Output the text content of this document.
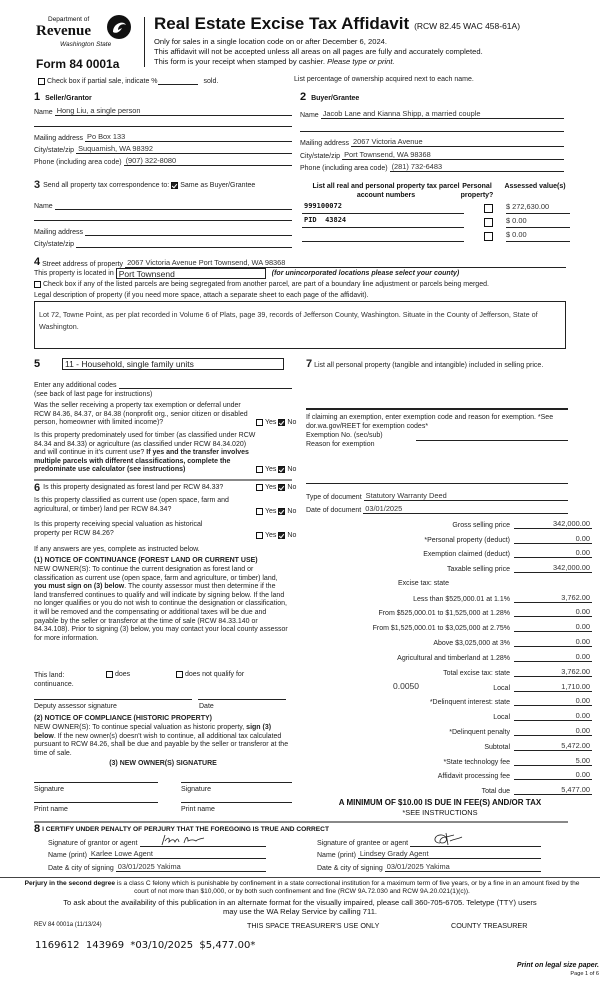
Department of
Revenue
Washington State
Form 84 0001a
Real Estate Excise Tax Affidavit (RCW 82.45 WAC 458-61A)
Only for sales in a single location code on or after December 6, 2024.
This affidavit will not be accepted unless all areas on all pages are fully and accurately completed.
This form is your receipt when stamped by cashier. Please type or print.
Check box if partial sale, indicate %	sold.	List percentage of ownership acquired next to each name.
1 Seller/Grantor
Name Hong Liu, a single person
Mailing address Po Box 133
City/state/zip Suquamish, WA 98392
Phone (including area code) (907) 322-8080
3 Send all property tax correspondence to: Same as Buyer/Grantee
Name
Mailing address
City/state/zip
2 Buyer/Grantee
Name Jacob Lane and Kianna Shipp, a married couple
Mailing address 2067 Victoria Avenue
City/state/zip Port Townsend, WA 98368
Phone (including area code) (281) 732-6483
List all real and personal property tax parcel account numbers
Personal property?
Assessed value(s)
999100072	$ 272,630.00
PID  43824	$ 0.00
$ 0.00
4 Street address of property 2067 Victoria Avenue Port Townsend, WA 98368
This property is located in Port Townsend	(for unincorporated locations please select your county)
Check box if any of the listed parcels are being segregated from another parcel, are part of a boundary line adjustment or parcels being merged.
Legal description of property (if you need more space, attach a separate sheet to each page of the affidavit).
Lot 72, Towne Point, as per plat recorded in Volume 6 of Plats, page 39, records of Jefferson County, Washington. Situate in the County of Jefferson, State of Washington.
5	11 - Household, single family units
Enter any additional codes
(see back of last page for instructions)
Was the seller receiving a property tax exemption or deferral under RCW 84.36, 84.37, or 84.38 (nonprofit org., senior citizen or disabled person, homeowner with limited income)?	Yes No
Is this property predominately used for timber (as classified under RCW 84.34 and 84.33) or agriculture (as classified under RCW 84.34.020) and will continue in it's current use? If yes and the transfer involves multiple parcels with different classifications, complete the predominate use calculator (see instructions)	Yes No
6 Is this property designated as forest land per RCW 84.33?	Yes No
Is this property classified as current use (open space, farm and agricultural, or timber) land per RCW 84.34?	Yes No
Is this property receiving special valuation as historical property per RCW 84.26?	Yes No
If any answers are yes, complete as instructed below.
(1) NOTICE OF CONTINUANCE (FOREST LAND OR CURRENT USE)
NEW OWNER(S): To continue the current designation as forest land or classification as current use (open space, farm and agriculture, or timber) land, you must sign on (3) below. The county assessor must then determine if the land transferred continues to qualify and will indicate by signing below. If the land no longer qualifies or you do not wish to continue the designation or classification, it will be removed and the compensating or additional taxes will be due and payable by the seller or transferor at the time of sale (RCW 84.33.140 or 84.34.108). Prior to signing (3) below, you may contact your local county assessor for more information.
This land:	does	does not qualify for
continuance.
Deputy assessor signature	Date
(2) NOTICE OF COMPLIANCE (HISTORIC PROPERTY)
NEW OWNER(S): To continue special valuation as historic property, sign (3) below. If the new owner(s) doesn't wish to continue, all additional tax calculated pursuant to RCW 84.26, shall be due and payable by the seller or transferor at the time of sale.
(3) NEW OWNER(S) SIGNATURE
Signature	Signature
Print name	Print name
7 List all personal property (tangible and intangible) included in selling price.
If claiming an exemption, enter exemption code and reason for exemption. *See dor.wa.gov/REET for exemption codes*
Exemption No. (sec/sub)
Reason for exemption
Type of document Statutory Warranty Deed
Date of document 03/01/2025
Gross selling price	342,000.00
*Personal property (deduct)	0.00
Exemption claimed (deduct)	0.00
Taxable selling price	342,000.00
Excise tax: state
Less than $525,000.01 at 1.1%	3,762.00
From $525,000.01 to $1,525,000 at 1.28%	0.00
From $1,525,000.01 to $3,025,000 at 2.75%	0.00
Above $3,025,000 at 3%	0.00
Agricultural and timberland at 1.28%	0.00
Total excise tax: state	3,762.00
0.0050	Local	1,710.00
*Delinquent interest: state	0.00
Local	0.00
*Delinquent penalty	0.00
Subtotal	5,472.00
*State technology fee	5.00
Affidavit processing fee	0.00
Total due	5,477.00
A MINIMUM OF $10.00 IS DUE IN FEE(S) AND/OR TAX
*SEE INSTRUCTIONS
8 I CERTIFY UNDER PENALTY OF PERJURY THAT THE FOREGOING IS TRUE AND CORRECT
Signature of grantor or agent
Name (print) Karlee Lowe Agent
Date & city of signing 03/01/2025 Yakima
Signature of grantee or agent
Name (print) Lindsey Grady Agent
Date & city of signing 03/01/2025 Yakima
Perjury in the second degree is a class C felony which is punishable by confinement in a state correctional institution for a maximum term of five years, or by a fine in an amount fixed by the court of not more than $10,000, or by both such confinement and fine (RCW 9A.72.030 and RCW 9A.20.021(1)(c)).
To ask about the availability of this publication in an alternate format for the visually impaired, please call 360-705-6705. Teletype (TTY) users may use the WA Relay Service by calling 711.
REV 84 0001a (11/13/24)	THIS SPACE TREASURER'S USE ONLY	COUNTY TREASURER
1169612  143969  *03/10/2025  $5,477.00*
Print on legal size paper.
Page 1 of 6
